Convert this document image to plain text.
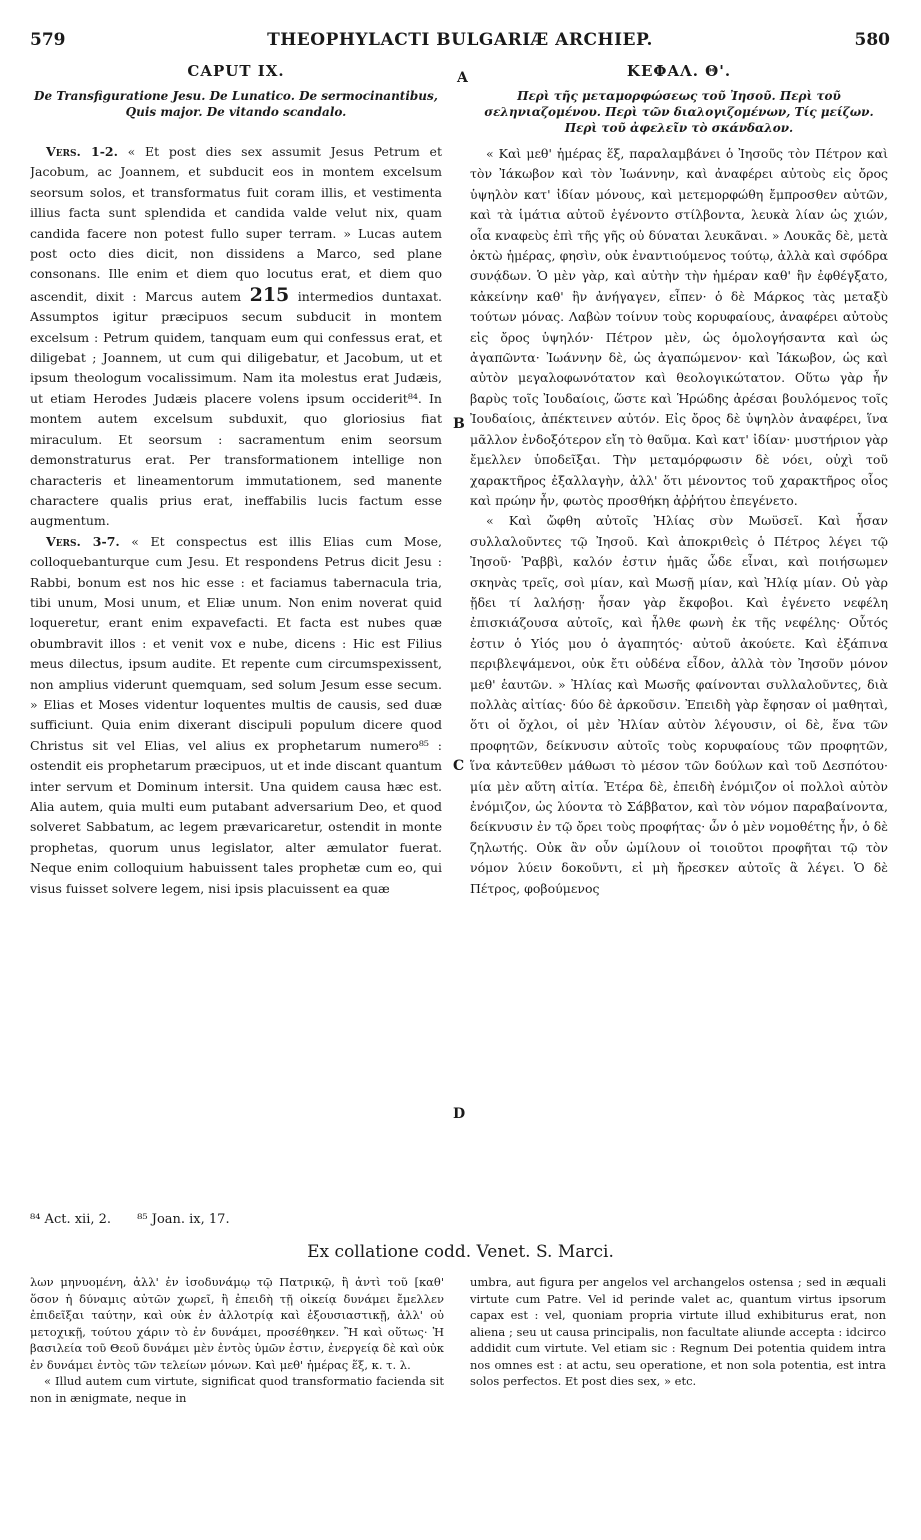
579	THEOPHYLACTI BULGARIÆ ARCHIEP.	580
CAPUT IX.
De Transfiguratione Jesu. De Lunatico. De sermocinantibus, Quis major. De vitando scandalo.

Vers. 1-2. « Et post dies sex assumit Jesus Petrum et Jacobum, ac Joannem, et subducit eos in montem excelsum seorsum solos, et transformatus fuit coram illis, et vestimenta illius facta sunt splendida et candida valde velut nix, quam candida facere non potest fullo super terram. » Lucas autem post octo dies dicit, non dissidens a Marco, sed plane consonans. Ille enim et diem quo locutus erat, et diem quo ascendit, dixit : Marcus autem 215 intermedios duntaxat. Assumptos igitur præcipuos secum subducit in montem excelsum : Petrum quidem, tanquam eum qui confessus erat, et diligebat ; Joannem, ut cum qui diligebatur, et Jacobum, ut et ipsum theologum vocalissimum. Nam ita molestus erat Judæis, ut etiam Herodes Judæis placere volens ipsum occiderit⁸⁴. In montem autem excelsum subduxit, quo gloriosius fiat miraculum. Et seorsum : sacramentum enim seorsum demonstraturus erat. Per transformationem intellige non characteris et lineamentorum immutationem, sed manente charactere qualis prius erat, ineffabilis lucis factum esse augmentum.

Vers. 3-7. « Et conspectus est illis Elias cum Mose, colloquebanturque cum Jesu. Et respondens Petrus dicit Jesu : Rabbi, bonum est nos hic esse : et faciamus tabernacula tria, tibi unum, Mosi unum, et Eliæ unum. Non enim noverat quid loqueretur, erant enim expavefacti. Et facta est nubes quæ obumbravit illos : et venit vox e nube, dicens : Hic est Filius meus dilectus, ipsum audite. Et repente cum circumspexissent, non amplius viderunt quemquam, sed solum Jesum esse secum. » Elias et Moses videntur loquentes multis de causis, sed duæ sufficiunt. Quia enim dixerant discipuli populum dicere quod Christus sit vel Elias, vel alius ex prophetarum numero⁸⁵ : ostendit eis prophetarum præcipuos, ut et inde discant quantum inter servum et Dominum intersit. Una quidem causa hæc est. Alia autem, quia multi eum putabant adversarium Deo, et quod solveret Sabbatum, ac legem prævaricaretur, ostendit in monte prophetas, quorum unus legislator, alter æmulator fuerat. Neque enim colloquium habuissent tales prophetæ cum eo, qui visus fuisset solvere legem, nisi ipsis placuissent ea quæ

A
B
C
D
ΚΕΦΑΛ. Θ'.
Περὶ τῆς μεταμορφώσεως τοῦ Ἰησοῦ. Περὶ τοῦ σεληνιαζομένου. Περὶ τῶν διαλογιζομένων, Τίς μείζων. Περὶ τοῦ ἀφελεῖν τὸ σκάνδαλον.

« Καὶ μεθ' ἡμέρας ἕξ, παραλαμβάνει ὁ Ἰησοῦς τὸν Πέτρον καὶ τὸν Ἰάκωβον καὶ τὸν Ἰωάννην, καὶ ἀναφέρει αὐτοὺς εἰς ὄρος ὑψηλὸν κατ' ἰδίαν μόνους, καὶ μετεμορφώθη ἔμπροσθεν αὐτῶν, καὶ τὰ ἱμάτια αὐτοῦ ἐγένοντο στίλβοντα, λευκὰ λίαν ὡς χιών, οἷα κναφεὺς ἐπὶ τῆς γῆς οὐ δύναται λευκᾶναι. » Λουκᾶς δὲ, μετὰ ὀκτὼ ἡμέρας, φησὶν, οὐκ ἐναντιούμενος τούτῳ, ἀλλὰ καὶ σφόδρα συνᾴδων. Ὁ μὲν γὰρ, καὶ αὐτὴν τὴν ἡμέραν καθ' ἣν ἐφθέγξατο, κἀκείνην καθ' ἣν ἀνήγαγεν, εἶπεν· ὁ δὲ Μάρκος τὰς μεταξὺ τούτων μόνας. Λαβὼν τοίνυν τοὺς κορυφαίους, ἀναφέρει αὐτοὺς εἰς ὄρος ὑψηλόν· Πέτρον μὲν, ὡς ὁμολογήσαντα καὶ ὡς ἀγαπῶντα· Ἰωάννην δὲ, ὡς ἀγαπώμενον· καὶ Ἰάκωβον, ὡς καὶ αὐτὸν μεγαλοφωνότατον καὶ θεολογικώτατον. Οὕτω γὰρ ἦν βαρὺς τοῖς Ἰουδαίοις, ὥστε καὶ Ἡρώδης ἀρέσαι βουλόμενος τοῖς Ἰουδαίοις, ἀπέκτεινεν αὐτόν. Εἰς ὄρος δὲ ὑψηλὸν ἀναφέρει, ἵνα μᾶλλον ἐνδοξότερον εἴη τὸ θαῦμα. Καὶ κατ' ἰδίαν· μυστήριον γὰρ ἔμελλεν ὑποδεῖξαι. Τὴν μεταμόρφωσιν δὲ νόει, οὐχὶ τοῦ χαρακτῆρος ἐξαλλαγὴν, ἀλλ' ὅτι μένοντος τοῦ χαρακτῆρος οἷος καὶ πρώην ἦν, φωτὸς προσθήκη ἀῤῥήτου ἐπεγένετο.

« Καὶ ὤφθη αὐτοῖς Ἠλίας σὺν Μωϋσεῖ. Καὶ ἦσαν συλλαλοῦντες τῷ Ἰησοῦ. Καὶ ἀποκριθεὶς ὁ Πέτρος λέγει τῷ Ἰησοῦ· Ῥαββὶ, καλόν ἐστιν ἡμᾶς ὧδε εἶναι, καὶ ποιήσωμεν σκηνὰς τρεῖς, σοὶ μίαν, καὶ Μωσῇ μίαν, καὶ Ἠλίᾳ μίαν. Οὐ γὰρ ᾔδει τί λαλήσῃ· ἦσαν γὰρ ἔκφοβοι. Καὶ ἐγένετο νεφέλη ἐπισκιάζουσα αὐτοῖς, καὶ ἦλθε φωνὴ ἐκ τῆς νεφέλης· Οὗτός ἐστιν ὁ Υἱός μου ὁ ἀγαπητός· αὐτοῦ ἀκούετε. Καὶ ἐξάπινα περιβλεψάμενοι, οὐκ ἔτι οὐδένα εἶδον, ἀλλὰ τὸν Ἰησοῦν μόνον μεθ' ἑαυτῶν. » Ἠλίας καὶ Μωσῆς φαίνονται συλλαλοῦντες, διὰ πολλὰς αἰτίας· δύο δὲ ἀρκοῦσιν. Ἐπειδὴ γὰρ ἔφησαν οἱ μαθηταὶ, ὅτι οἱ ὄχλοι, οἱ μὲν Ἠλίαν αὐτὸν λέγουσιν, οἱ δὲ, ἕνα τῶν προφητῶν, δείκνυσιν αὐτοῖς τοὺς κορυφαίους τῶν προφητῶν, ἵνα κἀντεῦθεν μάθωσι τὸ μέσον τῶν δούλων καὶ τοῦ Δεσπότου· μία μὲν αὕτη αἰτία. Ἑτέρα δὲ, ἐπειδὴ ἐνόμιζον οἱ πολλοὶ αὐτὸν ἐνόμιζον, ὡς λύοντα τὸ Σάββατον, καὶ τὸν νόμον παραβαίνοντα, δείκνυσιν ἐν τῷ ὄρει τοὺς προφήτας· ὧν ὁ μὲν νομοθέτης ἦν, ὁ δὲ ζηλωτής. Οὐκ ἂν οὖν ὡμίλουν οἱ τοιοῦτοι προφῆται τῷ τὸν νόμον λύειν δοκοῦντι, εἰ μὴ ἤρεσκεν αὐτοῖς ἃ λέγει. Ὁ δὲ Πέτρος, φοβούμενος

⁸⁴ Act. xii, 2. ⁸⁵ Joan. ix, 17.
Ex collatione codd. Venet. S. Marci.

λων μηνυομένη, ἀλλ' ἐν ἰσοδυνάμῳ τῷ Πατρικῷ, ἢ ἀντὶ τοῦ [καθ' ὅσον ἡ δύναμις αὐτῶν χωρεῖ, ἢ ἐπειδὴ τῇ οἰκείᾳ δυνάμει ἔμελλεν ἐπιδεῖξαι ταύτην, καὶ οὐκ ἐν ἀλλοτρίᾳ καὶ ἐξουσιαστικῇ, ἀλλ' οὐ μετοχικῇ, τούτου χάριν τὸ ἐν δυνάμει, προσέθηκεν. Ἢ καὶ οὕτως· Ἡ βασιλεία τοῦ Θεοῦ δυνάμει μὲν ἐντὸς ὑμῶν ἐστιν, ἐνεργείᾳ δὲ καὶ οὐκ ἐν δυνάμει ἐντὸς τῶν τελείων μόνων. Καὶ μεθ' ἡμέρας ἕξ, κ. τ. λ.

« Illud autem cum virtute, significat quod transformatio facienda sit non in ænigmate, neque in

umbra, aut figura per angelos vel archangelos ostensa ; sed in æquali virtute cum Patre. Vel id perinde valet ac, quantum virtus ipsorum capax est : vel, quoniam propria virtute illud exhibiturus erat, non aliena ; seu ut causa principalis, non facultate aliunde accepta : idcirco addidit cum virtute. Vel etiam sic : Regnum Dei potentia quidem intra nos omnes est : at actu, seu operatione, et non sola potentia, est intra solos perfectos. Et post dies sex, » etc.
